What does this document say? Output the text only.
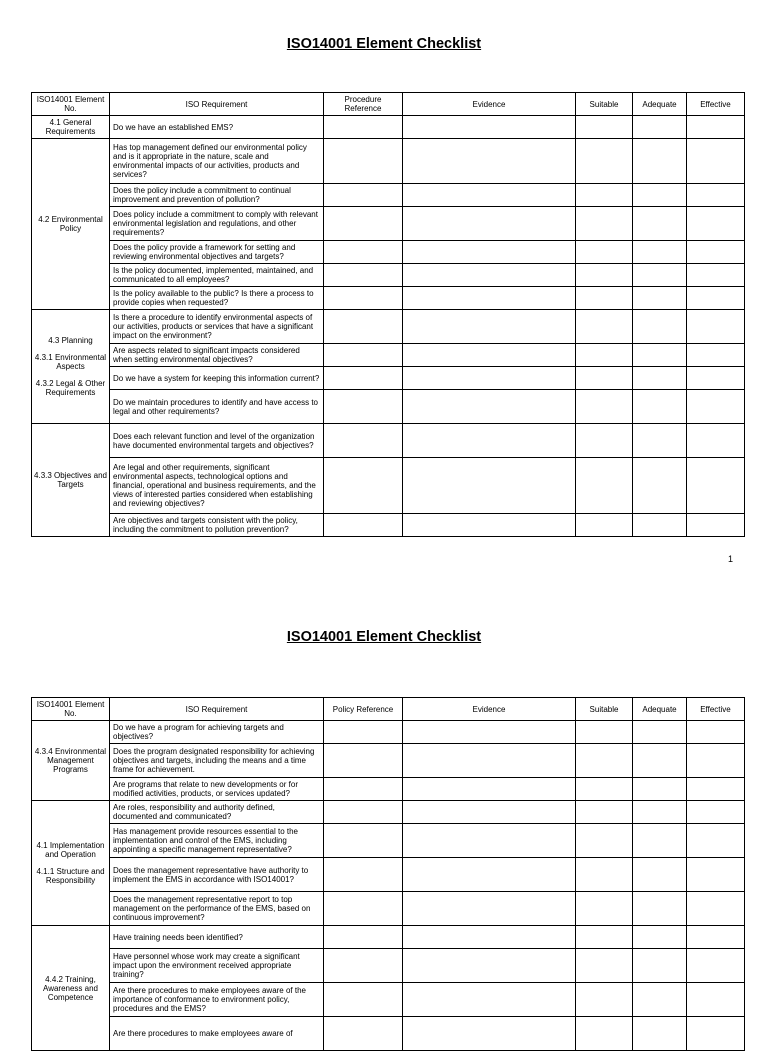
ISO14001 Element Checklist
ISO14001 Element No.	ISO Requirement	Procedure Reference	Evidence	Suitable	Adequate	Effective

4.1 General Requirements	Do we have an established EMS?					

4.2 Environmental Policy	Has top management defined our environmental policy and is it appropriate in the nature, scale and environmental impacts of our activities, products and services?					
	Does the policy include a commitment to continual improvement and prevention of pollution?					
	Does policy include a commitment to comply with relevant environmental legislation and regulations, and other requirements?					
	Does the policy provide a framework for setting and reviewing environmental objectives and targets?					
	Is the policy documented, implemented, maintained, and communicated to all employees?					
	Is the policy available to the public? Is there a process to provide copies when requested?					

4.3 Planning
4.3.1 Environmental Aspects
4.3.2 Legal & Other Requirements	Is there a procedure to identify environmental aspects of our activities, products or services that have a significant impact on the environment?					
	Are aspects related to significant impacts considered when setting environmental objectives?					
	Do we have a system for keeping this information current?					
	Do we maintain procedures to identify and have access to legal and other requirements?					

4.3.3 Objectives and Targets	Does each relevant function and level of the organization have documented environmental targets and objectives?					
	Are legal and other requirements, significant environmental aspects, technological options and financial, operational and business requirements, and the views of interested parties considered when establishing and reviewing objectives?					
	Are objectives and targets consistent with the policy, including the commitment to pollution prevention?					
1
ISO14001 Element Checklist
ISO14001 Element No.	ISO Requirement	Policy Reference	Evidence	Suitable	Adequate	Effective

4.3.4 Environmental Management Programs	Do we have a program for achieving targets and objectives?					
	Does the program designated responsibility for achieving objectives and targets, including the means and a time frame for achievement.					
	Are programs that relate to new developments or for modified activities, products, or services updated?					

4.1 Implementation and Operation
4.1.1 Structure and Responsibility	Are roles, responsibility and authority defined, documented and communicated?					
	Has management provide resources essential to the implementation and control of the EMS, including appointing a specific management representative?					
	Does the management representative have authority to implement the EMS in accordance with ISO14001?					
	Does the management representative report to top management on the performance of the EMS, based on continuous improvement?					

4.4.2 Training, Awareness and Competence	Have training needs been identified?					
	Have personnel whose work may create a significant impact upon the environment received appropriate training?					
	Are there procedures to make employees aware of the importance of conformance to environment policy, procedures and the EMS?					
	Are there procedures to make employees aware of					
